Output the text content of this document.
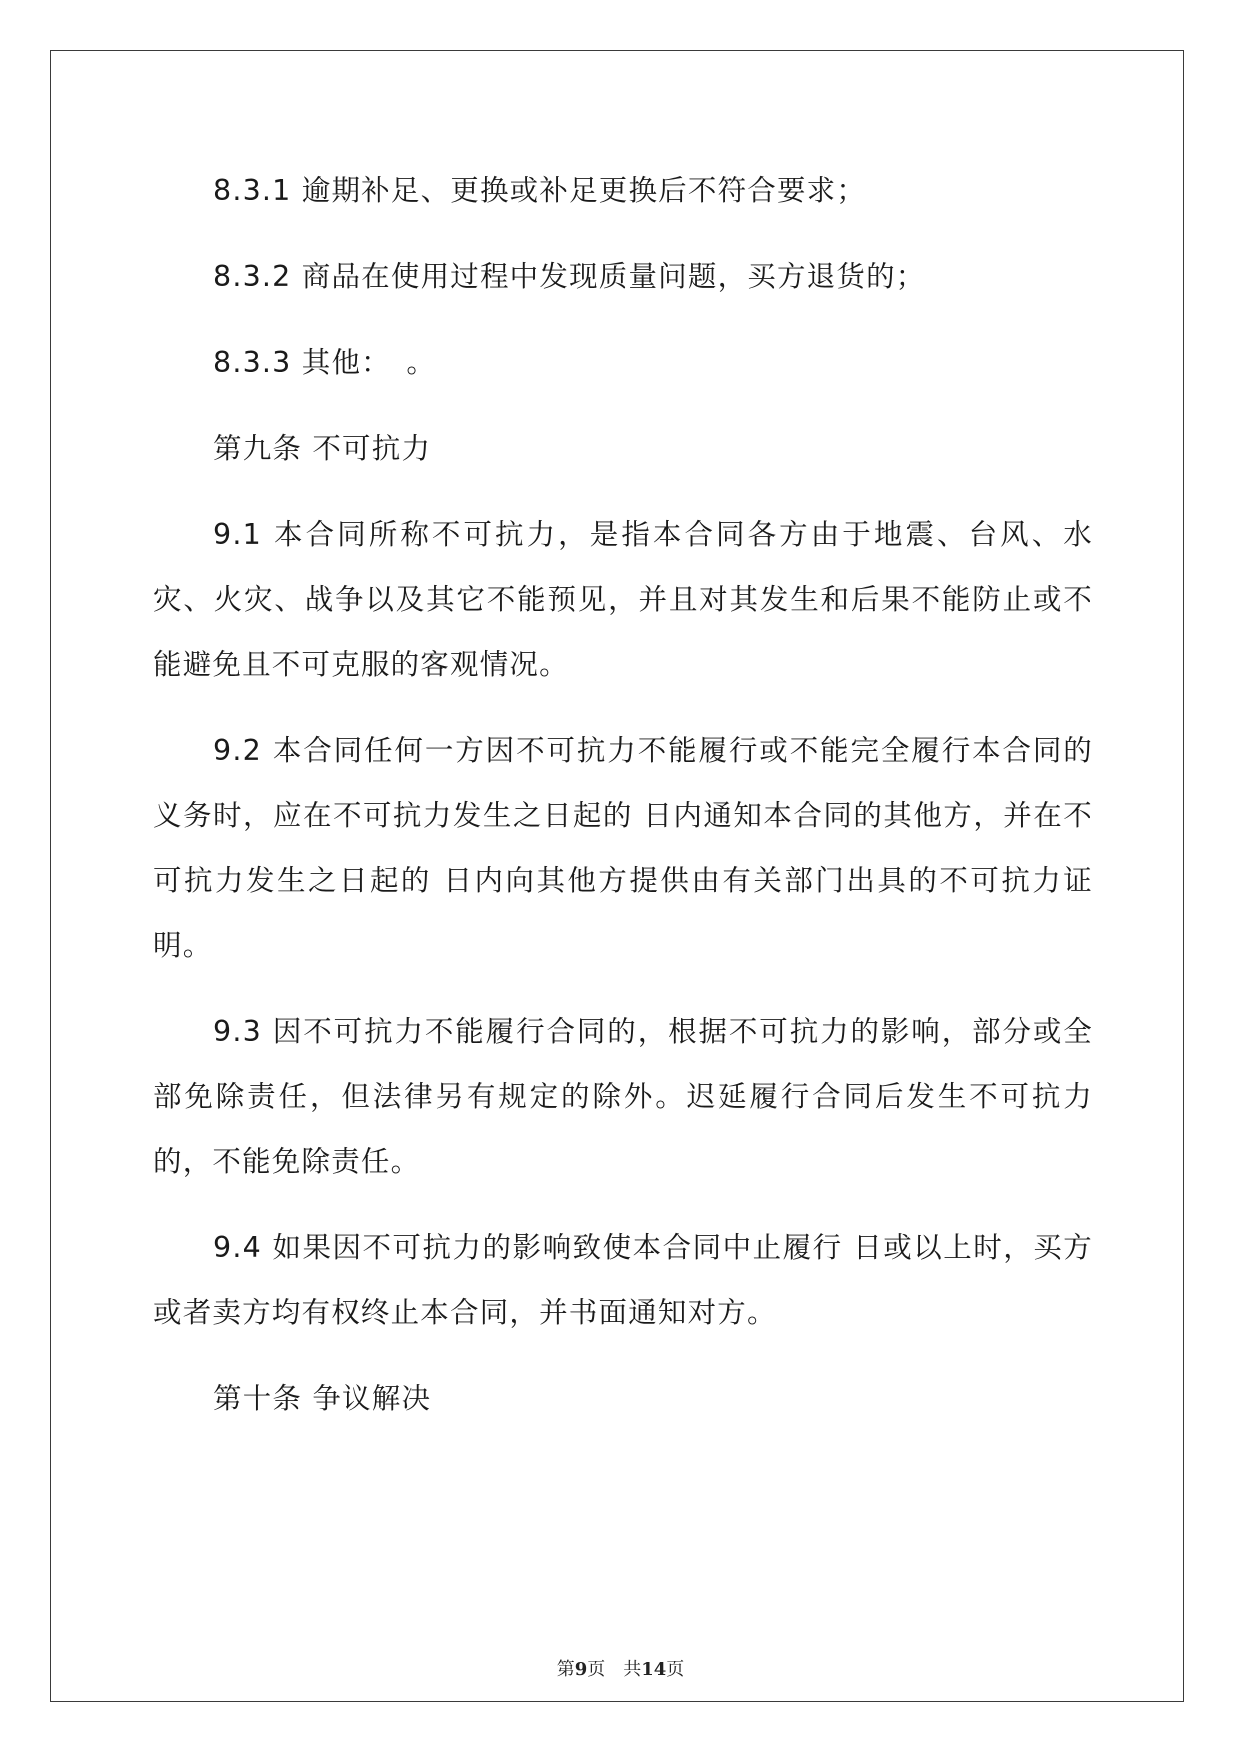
8.3.1 逾期补足、更换或补足更换后不符合要求；

8.3.2 商品在使用过程中发现质量问题，买方退货的；

8.3.3 其他：　。

第九条 不可抗力

9.1 本合同所称不可抗力，是指本合同各方由于地震、台风、水灾、火灾、战争以及其它不能预见，并且对其发生和后果不能防止或不能避免且不可克服的客观情况。

9.2 本合同任何一方因不可抗力不能履行或不能完全履行本合同的义务时，应在不可抗力发生之日起的 日内通知本合同的其他方，并在不可抗力发生之日起的 日内向其他方提供由有关部门出具的不可抗力证明。

9.3 因不可抗力不能履行合同的，根据不可抗力的影响，部分或全部免除责任，但法律另有规定的除外。迟延履行合同后发生不可抗力的，不能免除责任。

9.4 如果因不可抗力的影响致使本合同中止履行 日或以上时，买方或者卖方均有权终止本合同，并书面通知对方。

第十条 争议解决

第9页　共14页
